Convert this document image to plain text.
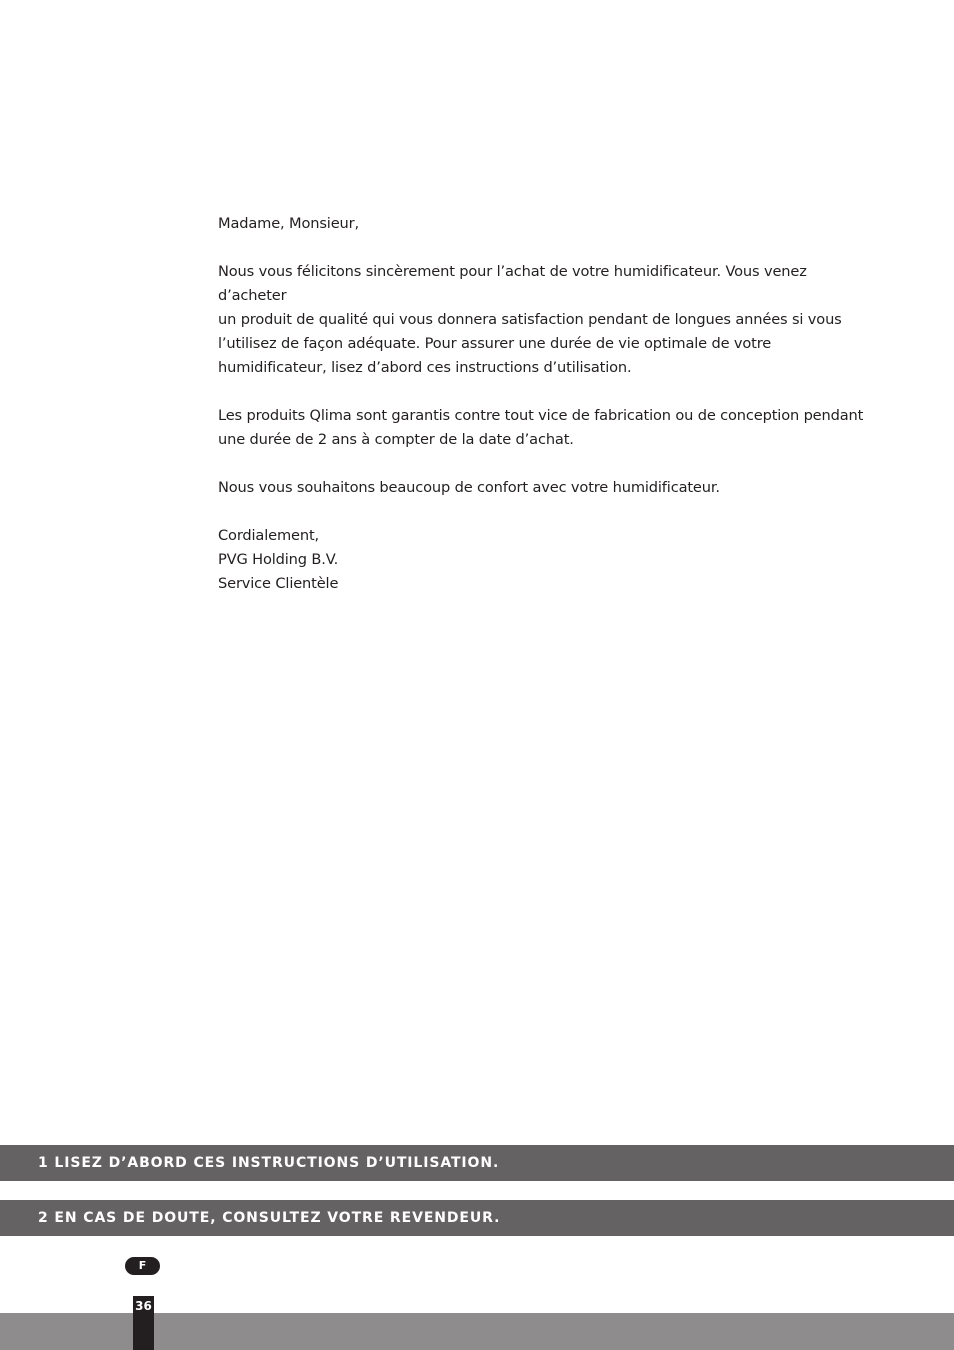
Madame, Monsieur,

Nous vous félicitons sincèrement pour l’achat de votre humidificateur. Vous venez d’acheter
un produit de qualité qui vous donnera satisfaction pendant de longues années si vous
l’utilisez de façon adéquate. Pour assurer une durée de vie optimale de votre
humidificateur, lisez d’abord ces instructions d’utilisation.

Les produits Qlima sont garantis contre tout vice de fabrication ou de conception pendant
une durée de 2 ans à compter de la date d’achat.

Nous vous souhaitons beaucoup de confort avec votre humidificateur.

Cordialement,
PVG Holding B.V.
Service Clientèle

1 LISEZ D’ABORD CES INSTRUCTIONS D’UTILISATION.
2 EN CAS DE DOUTE, CONSULTEZ VOTRE REVENDEUR.
F
36
